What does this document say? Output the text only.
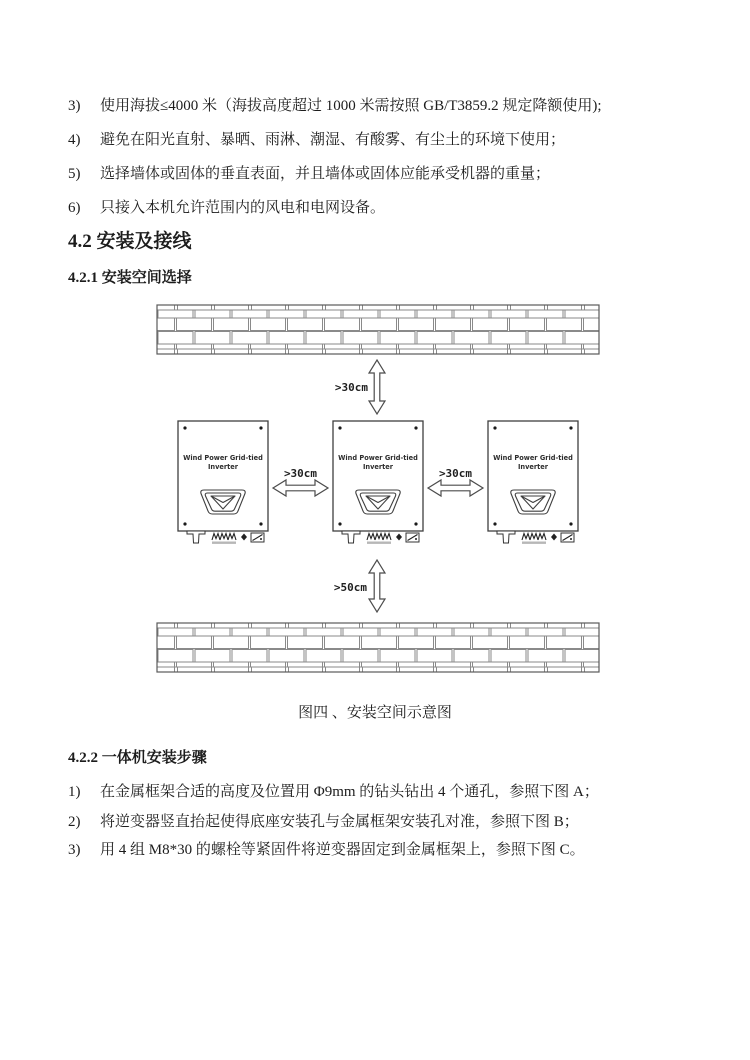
3) 使用海拔≤4000 米（海拔高度超过 1000 米需按照 GB/T3859.2 规定降额使用);
4) 避免在阳光直射、暴晒、雨淋、潮湿、有酸雾、有尘土的环境下使用；
5) 选择墙体或固体的垂直表面，并且墙体或固体应能承受机器的重量；
6) 只接入本机允许范围内的风电和电网设备。
4.2 安装及接线
4.2.1 安装空间选择
Wind Power Grid-tied
Inverter
Wind Power Grid-tied
Inverter
Wind Power Grid-tied
Inverter
>30cm
>30cm	>30cm
>50cm
图四 、安装空间示意图
4.2.2 一体机安装步骤
1) 在金属框架合适的高度及位置用 Φ9mm 的钻头钻出 4 个通孔，参照下图 A；
2) 将逆变器竖直抬起使得底座安装孔与金属框架安装孔对准，参照下图 B；
3) 用 4 组 M8*30 的螺栓等紧固件将逆变器固定到金属框架上，参照下图 C。
